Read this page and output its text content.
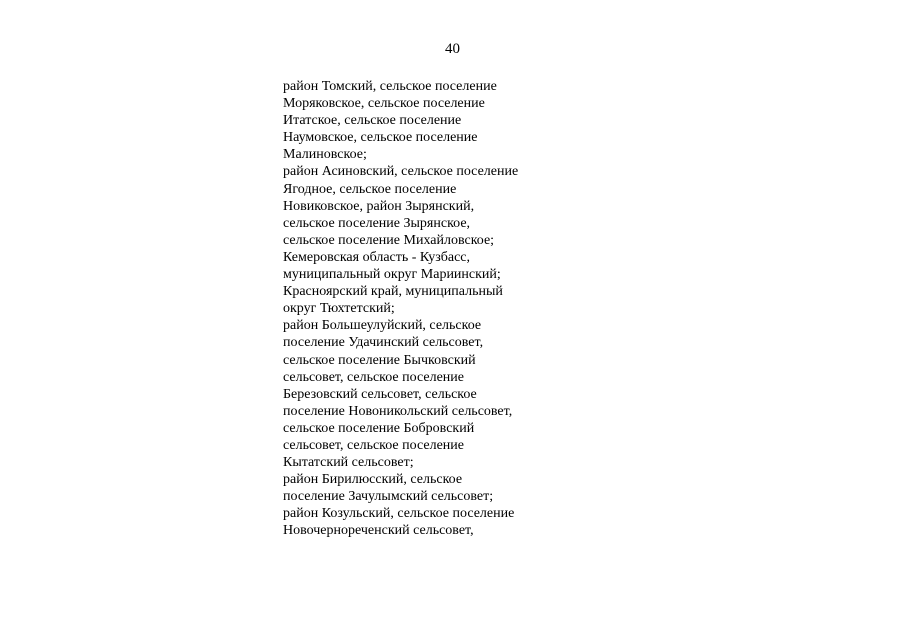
40
район Томский, сельское поселение
Моряковское, сельское поселение
Итатское, сельское поселение
Наумовское, сельское поселение
Малиновское;
район Асиновский, сельское поселение
Ягодное, сельское поселение
Новиковское, район Зырянский,
сельское поселение Зырянское,
сельское поселение Михайловское;
Кемеровская область - Кузбасс,
муниципальный округ Мариинский;
Красноярский край, муниципальный
округ Тюхтетский;
район Большеулуйский, сельское
поселение Удачинский сельсовет,
сельское поселение Бычковский
сельсовет, сельское поселение
Березовский сельсовет, сельское
поселение Новоникольский сельсовет,
сельское поселение Бобровский
сельсовет, сельское поселение
Кытатский сельсовет;
район Бирилюсский, сельское
поселение Зачулымский сельсовет;
район Козульский, сельское поселение
Новочернореченский сельсовет,
